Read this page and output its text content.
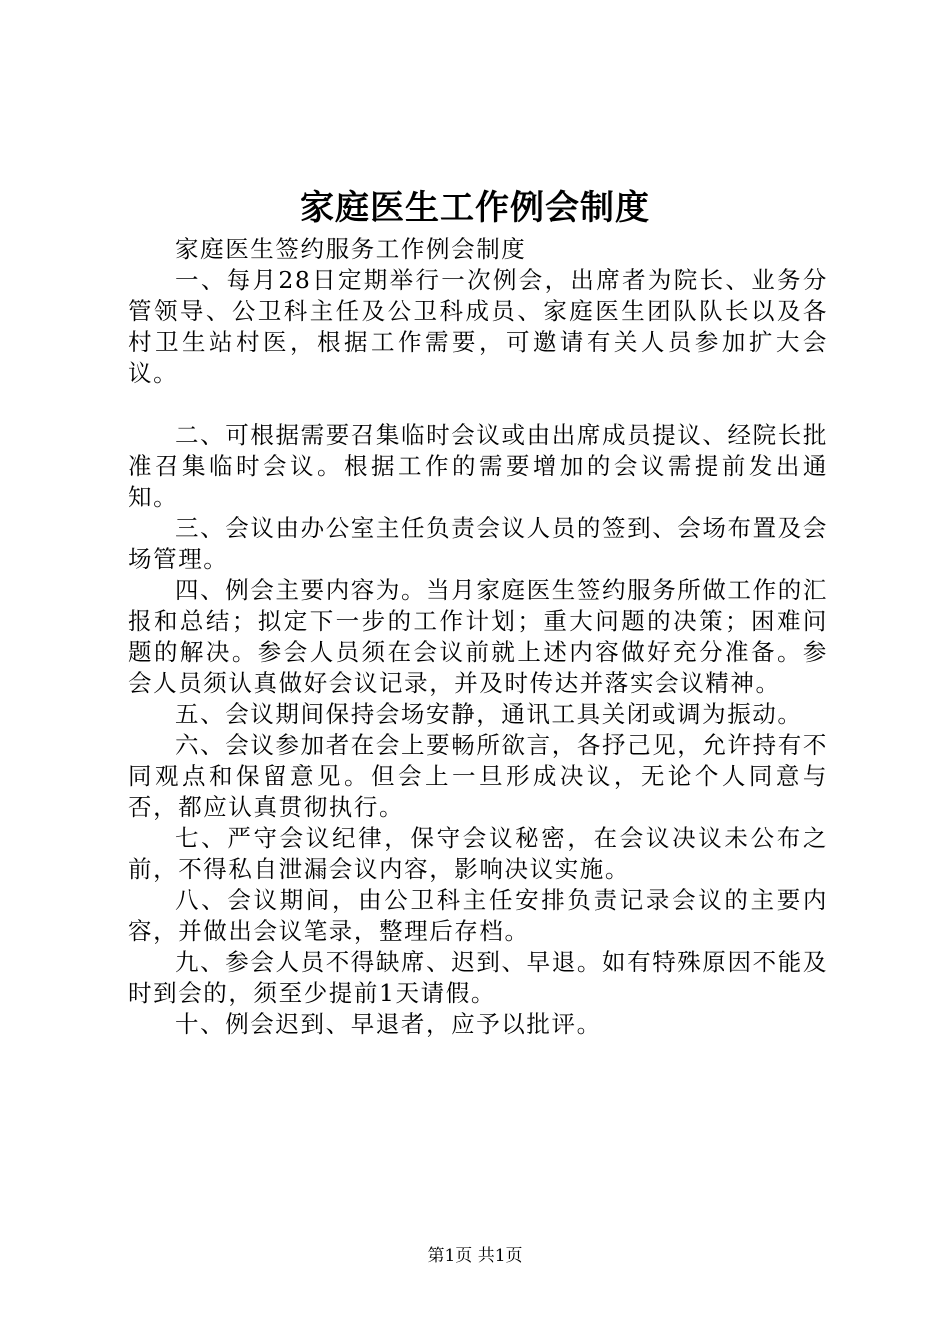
家庭医生工作例会制度

家庭医生签约服务工作例会制度

一、每月28日定期举行一次例会，出席者为院长、业务分管领导、公卫科主任及公卫科成员、家庭医生团队队长以及各村卫生站村医，根据工作需要，可邀请有关人员参加扩大会议。

二、可根据需要召集临时会议或由出席成员提议、经院长批准召集临时会议。根据工作的需要增加的会议需提前发出通知。

三、会议由办公室主任负责会议人员的签到、会场布置及会场管理。

四、例会主要内容为。当月家庭医生签约服务所做工作的汇报和总结；拟定下一步的工作计划；重大问题的决策；困难问题的解决。参会人员须在会议前就上述内容做好充分准备。参会人员须认真做好会议记录，并及时传达并落实会议精神。

五、会议期间保持会场安静，通讯工具关闭或调为振动。

六、会议参加者在会上要畅所欲言，各抒己见，允许持有不同观点和保留意见。但会上一旦形成决议，无论个人同意与否，都应认真贯彻执行。

七、严守会议纪律，保守会议秘密，在会议决议未公布之前，不得私自泄漏会议内容，影响决议实施。

八、会议期间，由公卫科主任安排负责记录会议的主要内容，并做出会议笔录，整理后存档。

九、参会人员不得缺席、迟到、早退。如有特殊原因不能及时到会的，须至少提前1天请假。

十、例会迟到、早退者，应予以批评。

第1页 共1页
